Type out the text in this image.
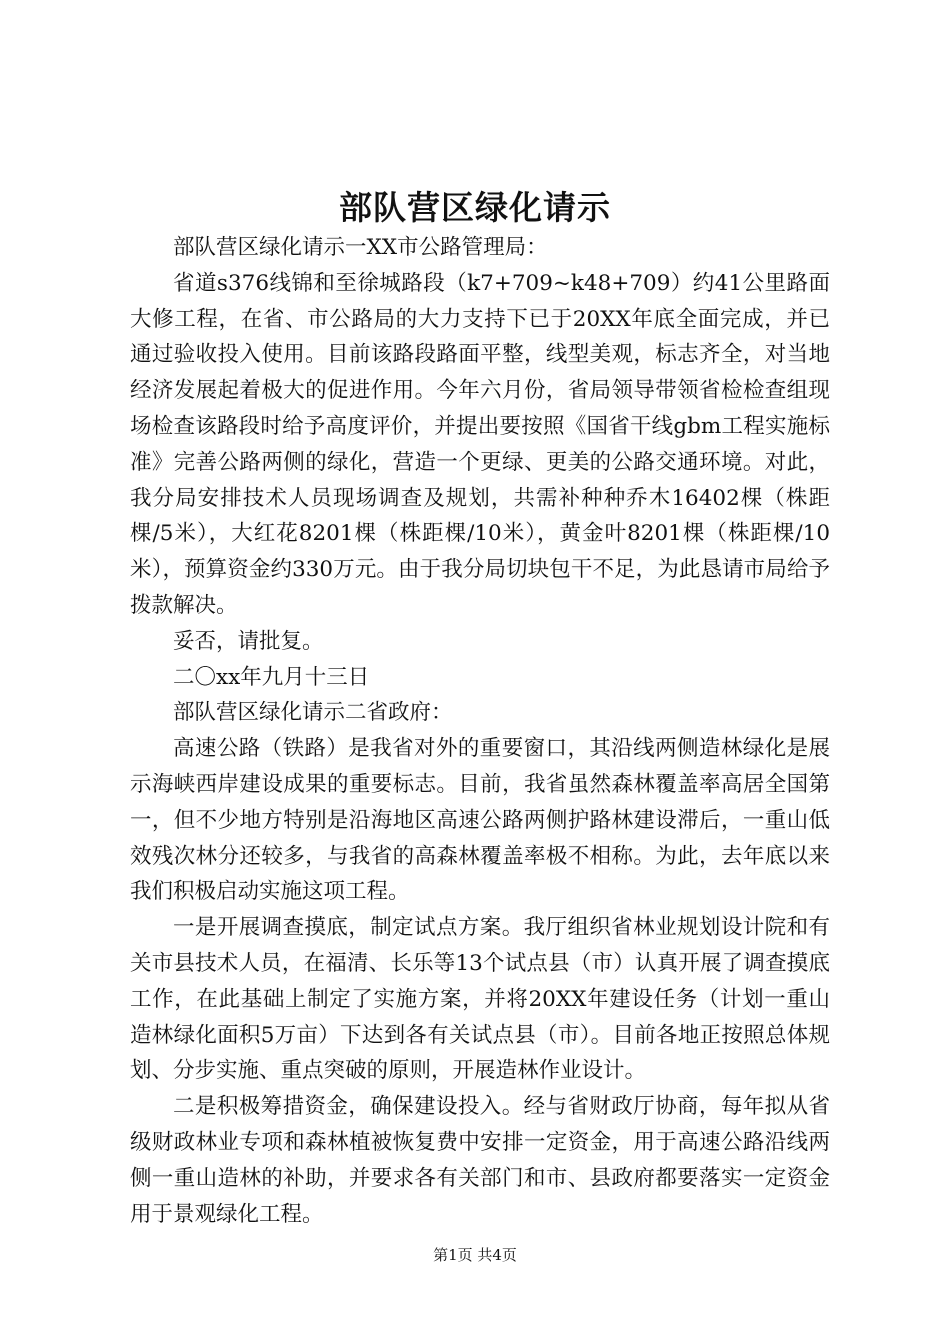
部队营区绿化请示

部队营区绿化请示一XX市公路管理局：

省道s376线锦和至徐城路段（k7+709~k48+709）约41公里路面大修工程，在省、市公路局的大力支持下已于20XX年底全面完成，并已通过验收投入使用。目前该路段路面平整，线型美观，标志齐全，对当地经济发展起着极大的促进作用。今年六月份，省局领导带领省检检查组现场检查该路段时给予高度评价，并提出要按照《国省干线gbm工程实施标准》完善公路两侧的绿化，营造一个更绿、更美的公路交通环境。对此，我分局安排技术人员现场调查及规划，共需补种种乔木16402棵（株距棵/5米），大红花8201棵（株距棵/10米），黄金叶8201棵（株距棵/10米），预算资金约330万元。由于我分局切块包干不足，为此恳请市局给予拨款解决。

妥否，请批复。

二〇xx年九月十三日

部队营区绿化请示二省政府：

高速公路（铁路）是我省对外的重要窗口，其沿线两侧造林绿化是展示海峡西岸建设成果的重要标志。目前，我省虽然森林覆盖率高居全国第一，但不少地方特别是沿海地区高速公路两侧护路林建设滞后，一重山低效残次林分还较多，与我省的高森林覆盖率极不相称。为此，去年底以来我们积极启动实施这项工程。

一是开展调查摸底，制定试点方案。我厅组织省林业规划设计院和有关市县技术人员，在福清、长乐等13个试点县（市）认真开展了调查摸底工作，在此基础上制定了实施方案，并将20XX年建设任务（计划一重山造林绿化面积5万亩）下达到各有关试点县（市）。目前各地正按照总体规划、分步实施、重点突破的原则，开展造林作业设计。

二是积极筹措资金，确保建设投入。经与省财政厅协商，每年拟从省级财政林业专项和森林植被恢复费中安排一定资金，用于高速公路沿线两侧一重山造林的补助，并要求各有关部门和市、县政府都要落实一定资金用于景观绿化工程。

第1页 共4页
